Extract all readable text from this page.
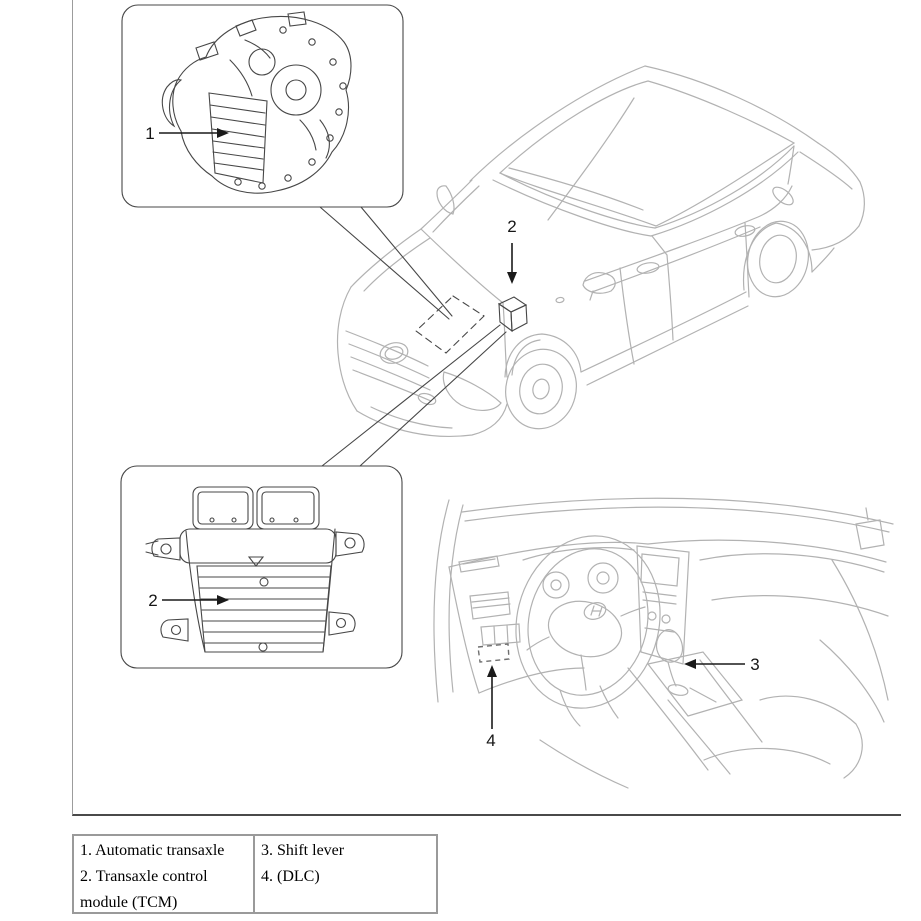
1
2
2
3
4
1. Automatic transaxle
2. Transaxle control module (TCM)
3. Shift lever
4. (DLC)
